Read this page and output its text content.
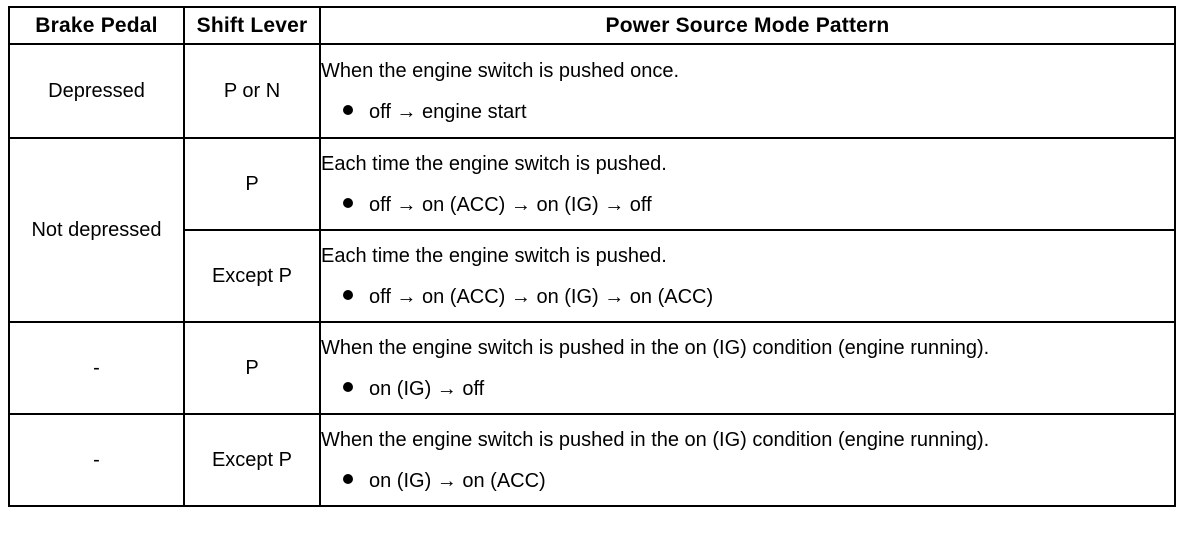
Brake Pedal	Shift Lever	Power Source Mode Pattern
Depressed	P or N	When the engine switch is pushed once.
off → engine start

Not depressed	P	Each time the engine switch is pushed.
off → on (ACC) → on (IG) → off

	Except P	Each time the engine switch is pushed.
off → on (ACC) → on (IG) → on (ACC)

-	P	When the engine switch is pushed in the on (IG) condition (engine running).
on (IG) → off

-	Except P	When the engine switch is pushed in the on (IG) condition (engine running).
on (IG) → on (ACC)
